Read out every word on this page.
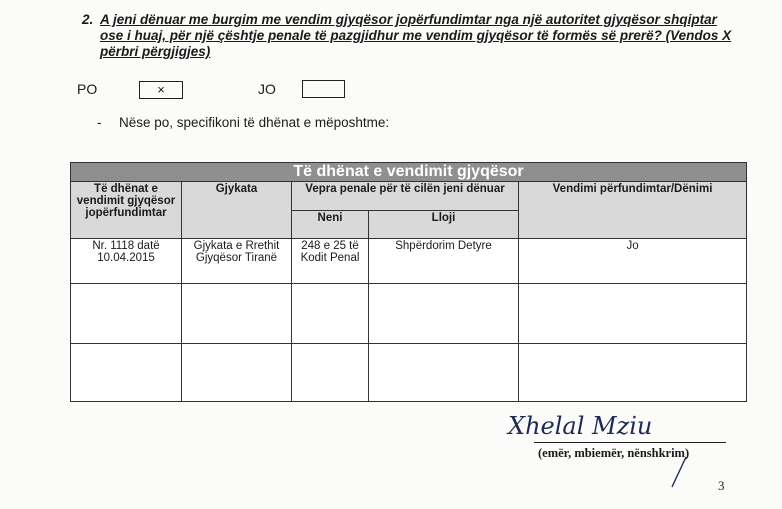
2. A jeni dënuar me burgim me vendim gjyqësor jopërfundimtar nga një autoritet gjyqësor shqiptar ose i huaj, për një çështje penale të pazgjidhur me vendim gjyqësor të formës së prerë? (Vendos X përbri përgjigjes)
PO	×	JO
- Nëse po, specifikoni të dhënat e mëposhtme:
Të dhënat e vendimit gjyqësor				
Të dhënat e vendimit gjyqësor jopërfundimtar	Gjykata	Vepra penale për të cilën jeni dënuar		Vendimi përfundimtar/Dënimi
		Neni	Lloji	
Nr. 1118 datë 10.04.2015	Gjykata e Rrethit Gjyqësor Tiranë	248 e 25 të Kodit Penal	Shpërdorim Detyre	Jo

Xhelal Mziu
(emër, mbiemër, nënshkrim)
3
